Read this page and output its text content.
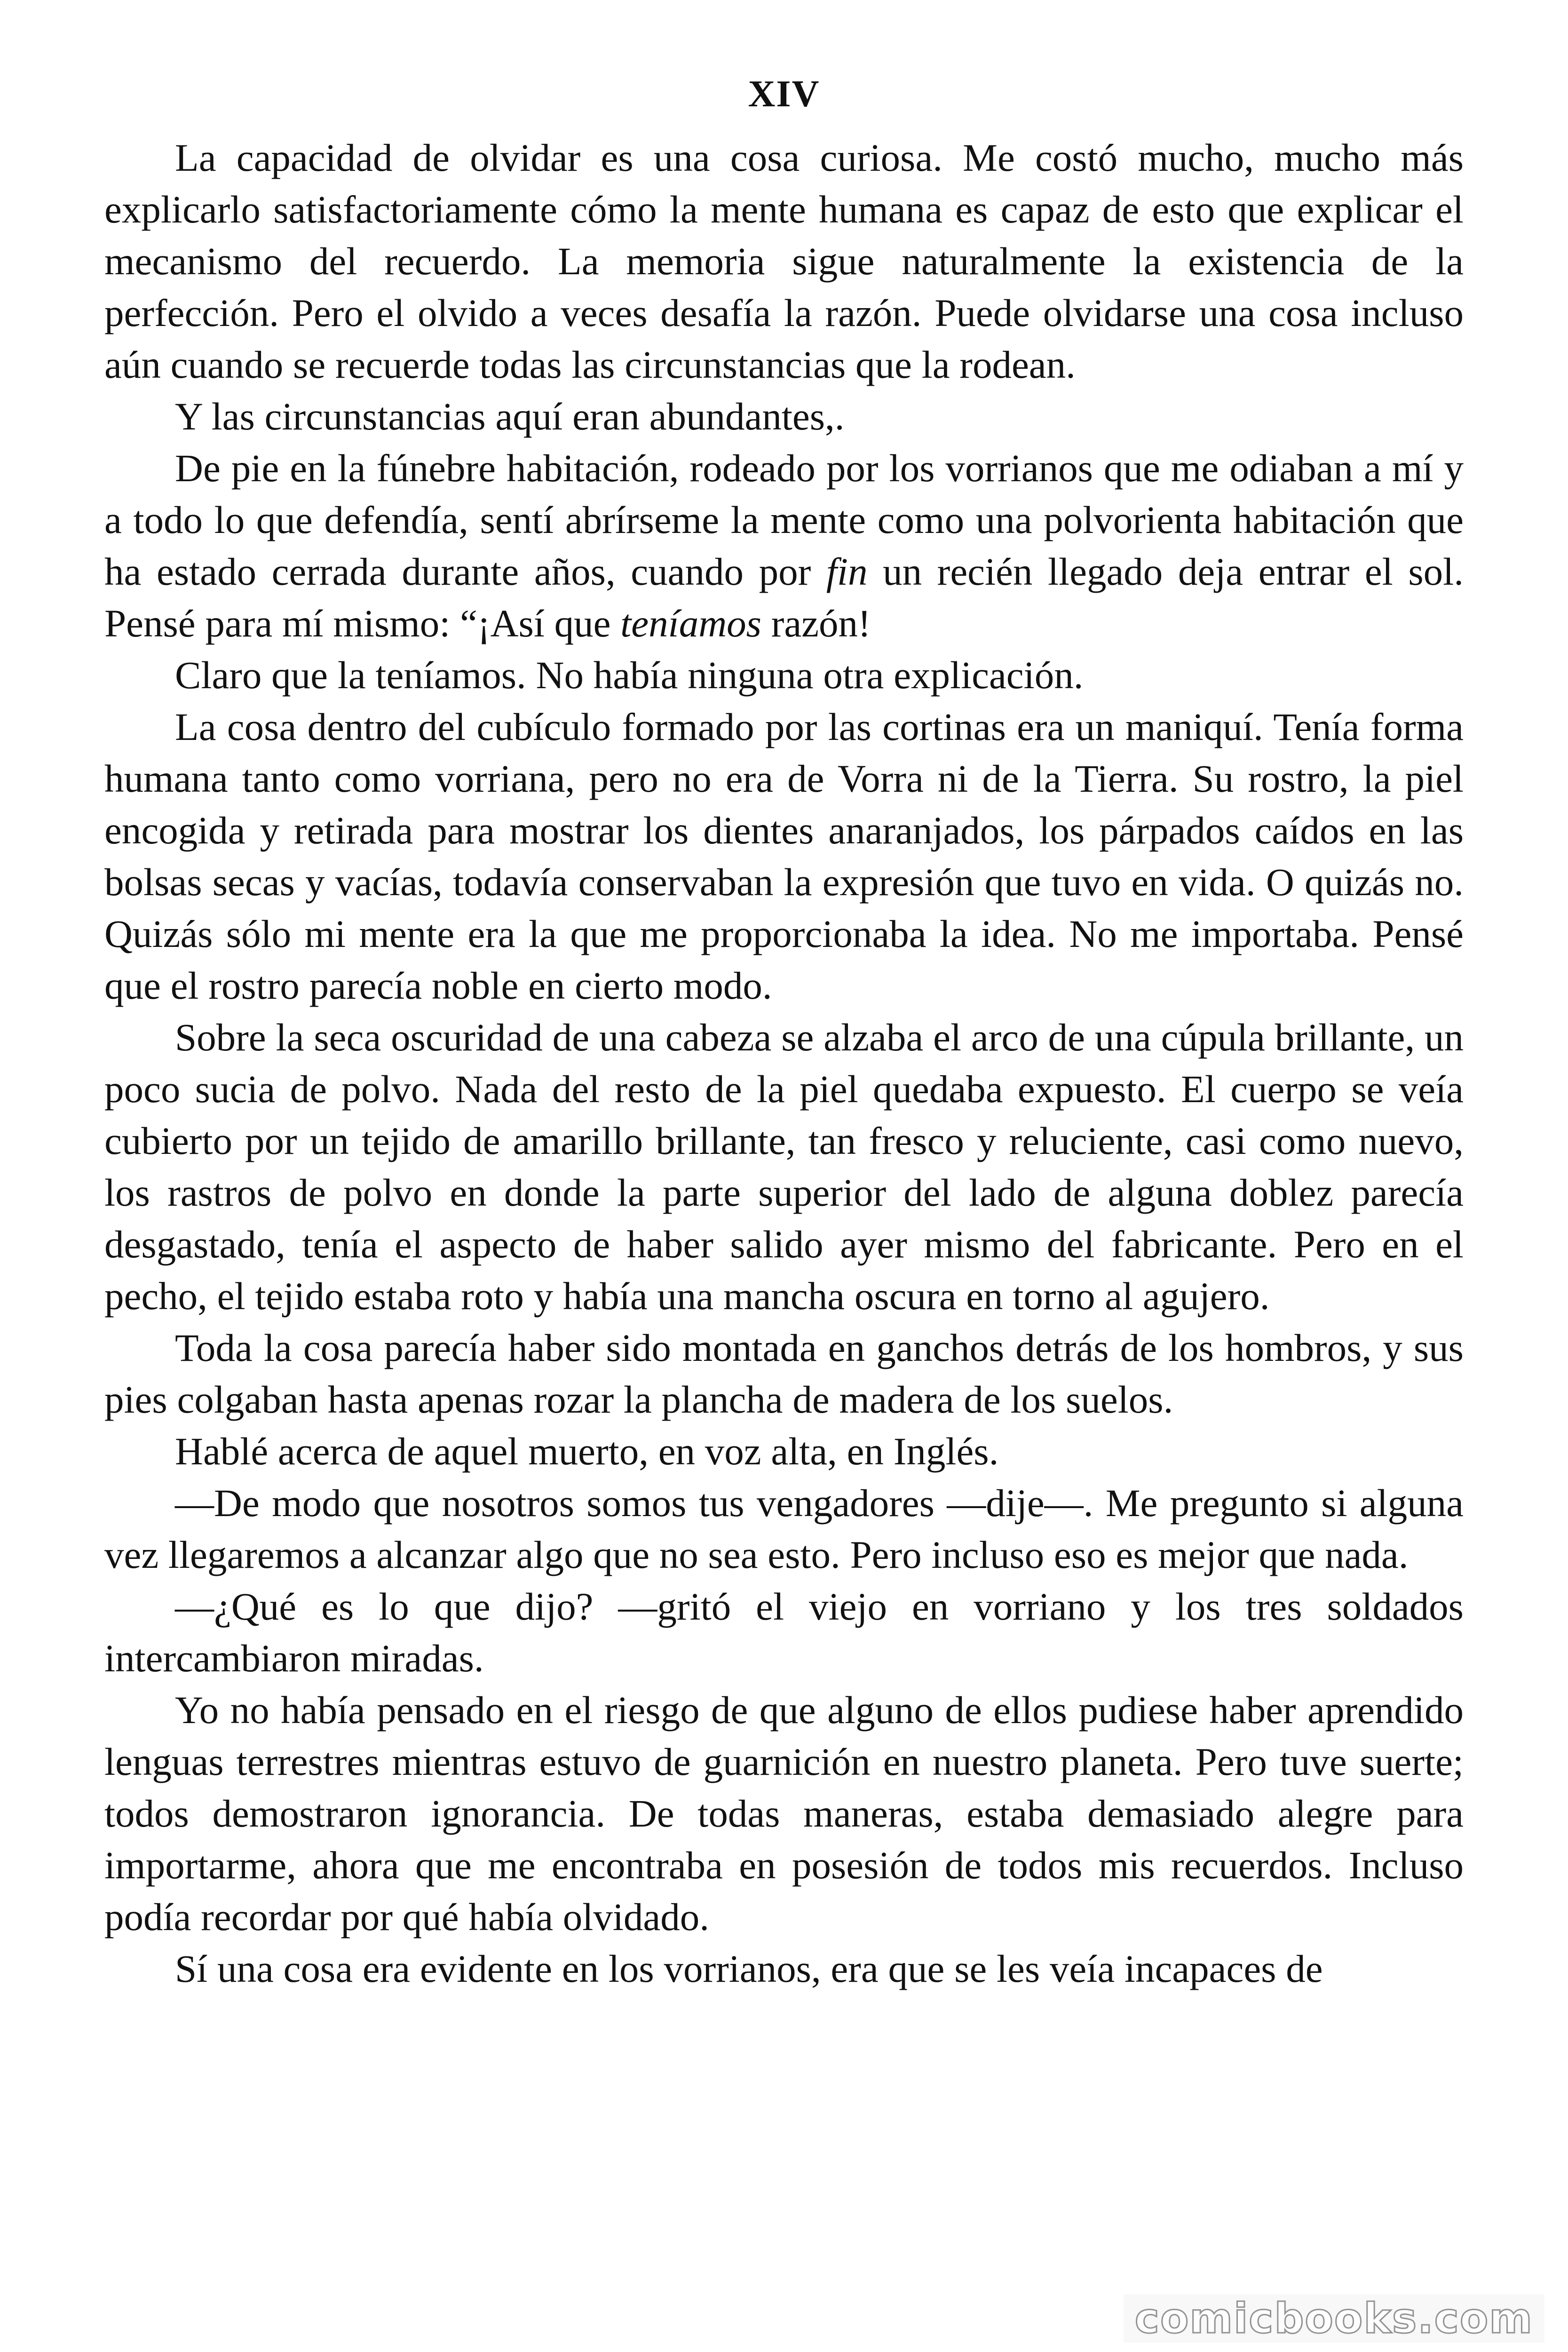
XIV

La capacidad de olvidar es una cosa curiosa. Me costó mucho, mucho más explicarlo satisfactoriamente cómo la mente humana es capaz de esto que explicar el mecanismo del recuerdo. La memoria sigue naturalmente la existencia de la perfección. Pero el olvido a veces desafía la razón. Puede olvidarse una cosa incluso aún cuando se recuerde todas las circunstancias que la rodean.

Y las circunstancias aquí eran abundantes,.

De pie en la fúnebre habitación, rodeado por los vorrianos que me odiaban a mí y a todo lo que defendía, sentí abrírseme la mente como una polvorienta habitación que ha estado cerrada durante años, cuando por fin un recién llegado deja entrar el sol. Pensé para mí mismo: “¡Así que teníamos razón!

Claro que la teníamos. No había ninguna otra explicación.

La cosa dentro del cubículo formado por las cortinas era un maniquí. Tenía forma humana tanto como vorriana, pero no era de Vorra ni de la Tierra. Su rostro, la piel encogida y retirada para mostrar los dientes anaranjados, los párpados caídos en las bolsas secas y vacías, todavía conservaban la expresión que tuvo en vida. O quizás no. Quizás sólo mi mente era la que me proporcionaba la idea. No me importaba. Pensé que el rostro parecía noble en cierto modo.

Sobre la seca oscuridad de una cabeza se alzaba el arco de una cúpula brillante, un poco sucia de polvo. Nada del resto de la piel quedaba expuesto. El cuerpo se veía cubierto por un tejido de amarillo brillante, tan fresco y reluciente, casi como nuevo, los rastros de polvo en donde la parte superior del lado de alguna doblez parecía desgastado, tenía el aspecto de haber salido ayer mismo del fabricante. Pero en el pecho, el tejido estaba roto y había una mancha oscura en torno al agujero.

Toda la cosa parecía haber sido montada en ganchos detrás de los hombros, y sus pies colgaban hasta apenas rozar la plancha de madera de los suelos.

Hablé acerca de aquel muerto, en voz alta, en Inglés.

—De modo que nosotros somos tus vengadores —dije—. Me pregunto si alguna vez llegaremos a alcanzar algo que no sea esto. Pero incluso eso es mejor que nada.

—¿Qué es lo que dijo? —gritó el viejo en vorriano y los tres soldados intercambiaron miradas.

Yo no había pensado en el riesgo de que alguno de ellos pudiese haber aprendido lenguas terrestres mientras estuvo de guarnición en nuestro planeta. Pero tuve suerte; todos demostraron ignorancia. De todas maneras, estaba demasiado alegre para importarme, ahora que me encontraba en posesión de todos mis recuerdos. Incluso podía recordar por qué había olvidado.

Sí una cosa era evidente en los vorrianos, era que se les veía incapaces de

comicbooks.com
